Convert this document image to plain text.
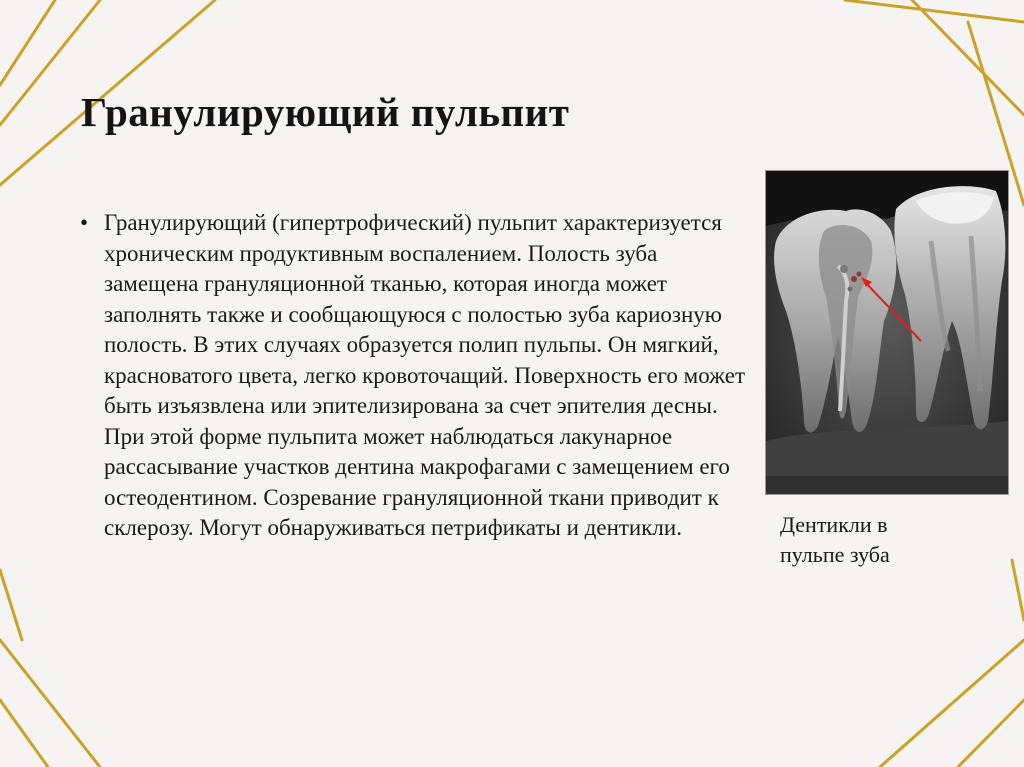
Гранулирующий пульпит
• Гранулирующий (гипертрофический) пульпит характеризуется хроническим продуктивным воспалением. Полость зуба замещена грануляционной тканью, которая иногда может заполнять также и сообщающуюся с полостью зуба кариозную полость. В этих случаях образуется полип пульпы. Он мягкий, красноватого цвета, легко кровоточащий. Поверхность его может быть изъязвлена или эпителизирована за счет эпителия десны. При этой форме пульпита может наблюдаться лакунарное рассасывание участков дентина макрофагами с замещением его остеодентином. Созревание грануляционной ткани приводит к склерозу. Могут обнаруживаться петрификаты и дентикли.	Дентикли в пульпе зуба
